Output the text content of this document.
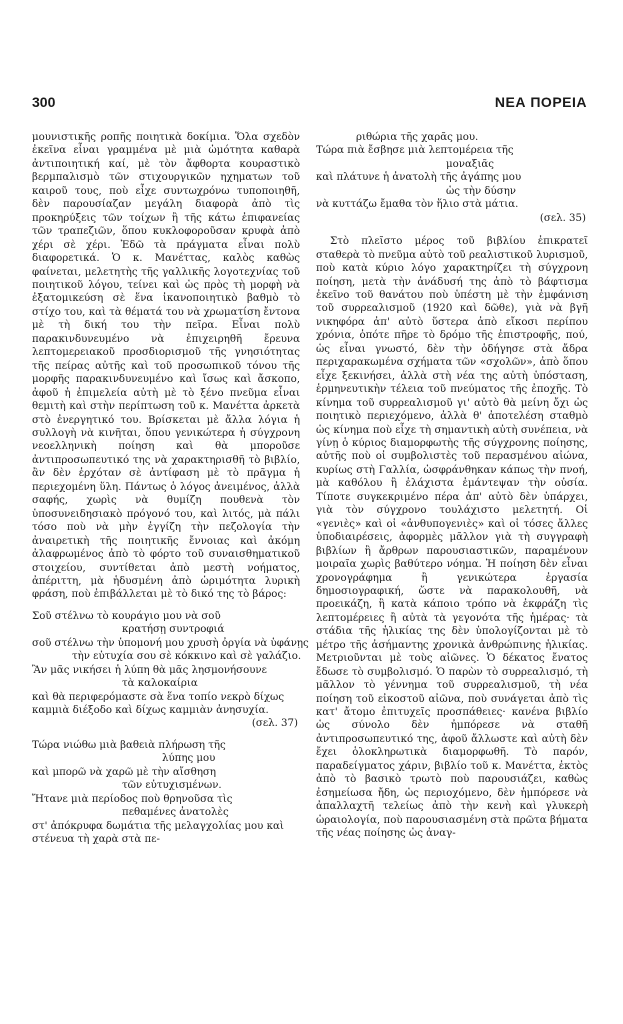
300	ΝΕΑ ΠΟΡΕΙΑ

μουνιστικῆς ροπῆς ποιητικὰ δοκίμια. Ὅλα σχεδὸν ἐκεῖνα εἶναι γραμμένα μὲ μιὰ ὠμότητα καθαρὰ ἀντιποιητική καί, μὲ τὸν ἄφθορτα κουραστικὸ βερμπαλισμὸ τῶν στιχουργικῶν ηχηματων τοῦ καιροῦ τους, ποὺ εἶχε συντωχρόνω τυποποιηθῆ, δὲν παρουσίαζαν μεγάλη διαφορὰ ἀπὸ τὶς προκηρύξεις τῶν τοίχων ἢ τῆς κάτω ἐπιφανείας τῶν τραπεζιῶν, ὅπου κυκλοφοροῦσαν κρυφὰ ἀπὸ χέρι σὲ χέρι. Ἐδῶ τὰ πράγματα εἶναι πολὺ διαφορετικά. Ὁ κ. Μανέττας, καλὸς καθὼς φαίνεται, μελετητὴς τῆς γαλλικῆς λογοτεχνίας τοῦ ποιητικοῦ λόγου, τείνει καὶ ὡς πρὸς τὴ μορφὴ νὰ ἐξατομικεύση σὲ ἕνα ἱκανοποιητικὸ βαθμὸ τὸ στίχο του, καὶ τὰ θέματά του νὰ χρωματίση ἔντονα μὲ τὴ δική του τὴν πεῖρα. Εἶναι πολὺ παρακινδυνευμένο νὰ ἐπιχειρηθῆ ἔρευνα λεπτομερειακοῦ προσδιορισμοῦ τῆς γνησιότητας τῆς πείρας αὐτῆς καὶ τοῦ προσωπικοῦ τόνου τῆς μορφῆς παρακινδυνευμένο καὶ ἴσως καὶ ἄσκοπο, ἀφοῦ ἡ ἐπιμελεία αὐτὴ μὲ τὸ ξένο πνεῦμα εἶναι θεμιτὴ καὶ στὴν περίπτωση τοῦ κ. Μανέττα ἀρκετὰ στὸ ἐνεργητικό του. Βρίσκεται μὲ ἄλλα λόγια ἡ συλλογὴ νὰ κινῆται, ὅπου γενικώτερα ἡ σύγχρονη νεοελληνικὴ ποίηση καὶ θὰ μποροῦσε ἀντιπροσωπευτικό της νὰ χαρακτηρισθῆ τὸ βιβλίο, ἂν δὲν ἐρχόταν σὲ ἀντίφαση μὲ τὸ πρᾶγμα ἡ περιεχομένη ὕλη. Πάντως ὁ λόγος ἀνειμένος, ἀλλὰ σαφής, χωρὶς νὰ θυμίζη πουθενὰ τὸν ὑποσυνειδησιακὸ πρόγονό του, καὶ λιτός, μὰ πάλι τόσο ποὺ νὰ μὴν ἐγγίζη τὴν πεζολογία τὴν ἀναιρετικὴ τῆς ποιητικῆς ἔννοιας καὶ ἀκόμη ἀλαφρωμένος ἀπὸ τὸ φόρτο τοῦ συναισθηματικοῦ στοιχείου, συντίθεται ἀπὸ μεστὴ νοήματος, ἀπέριττη, μὰ ἡδυσμένη ἀπὸ ὡριμότητα λυρικὴ φράση, ποὺ ἐπιβάλλεται μὲ τὸ δικό της τὸ βάρος:

Σοῦ στέλνω τὸ κουράγιο μου νὰ σοῦ
κρατήσῃ συντροφιά
σοῦ στέλνω τὴν ὑπομονή μου χρυσὴ ὀργία νὰ ὑφάνῃς
τὴν εὐτυχία σου σὲ κόκκινο καὶ σὲ γαλάζιο.
Ἂν μᾶς νικήσει ἡ λύπη θὰ μᾶς λησμονήσουνε
τὰ καλοκαίρια
καὶ θὰ περιφερόμαστε σὰ ἕνα τοπίο νεκρὸ δίχως
καμμιὰ διέξοδο καὶ δίχως καμμιὰν ἀνησυχία.
(σελ. 37)
Τώρα νιώθω μιὰ βαθειὰ πλήρωση τῆς
λύπης μου
καὶ μπορῶ νὰ χαρῶ μὲ τὴν αἴσθηση
τῶν εὐτυχισμένων.
Ἤτανε μιὰ περίοδος ποὺ θρηνοῦσα τὶς
πεθαμένες ἀνατολὲς
στ' ἀπόκρυφα δωμάτια τῆς μελαγχολίας μου καὶ
στένευα τὴ χαρὰ στὰ πε-
ριθώρια τῆς χαρᾶς μου.
Τώρα πιὰ ἔσβησε μιὰ λεπτομέρεια τῆς
μοναξιᾶς
καὶ πλάτυνε ἡ ἀνατολὴ τῆς ἀγάπης μου
ὡς τὴν δύσην
νὰ κυττάζω ἔμαθα τὸν ἥλιο στὰ μάτια.
(σελ. 35)

Στὸ πλεῖστο μέρος τοῦ βιβλίου ἐπικρατεῖ σταθερὰ τὸ πνεῦμα αὐτὸ τοῦ ρεαλιστικοῦ λυρισμοῦ, ποὺ κατὰ κύριο λόγο χαρακτηρίζει τὴ σύγχρονη ποίηση, μετὰ τὴν ἀνάδυσή της ἀπὸ τὸ βάφτισμα ἐκεῖνο τοῦ θανάτου ποὺ ὑπέστη μὲ τὴν ἐμφάνιση τοῦ συρρεαλισμοῦ (1920 καὶ δῶθε), γιὰ νὰ βγῆ νικηφόρα ἀπ' αὐτὸ ὕστερα ἀπὸ εἴκοσι περίπου χρόνια, ὁπότε πῆρε τὸ δρόμο τῆς ἐπιστροφῆς, πού, ὡς εἶναι γνωστό, δὲν τὴν ὁδήγησε στὰ ἄδρα περιχαρακωμένα σχήματα τῶν «σχολῶν», ἀπὸ ὅπου εἶχε ξεκινήσει, ἀλλὰ στὴ νέα της αὐτὴ ὑπόσταση, ἑρμηνευτικὴν τέλεια τοῦ πνεύματος τῆς ἐποχῆς. Τὸ κίνημα τοῦ συρρεαλισμοῦ γι' αὐτὸ θὰ μείνη ὄχι ὡς ποιητικὸ περιεχόμενο, ἀλλὰ θ' ἀποτελέση σταθμὸ ὡς κίνημα ποὺ εἶχε τὴ σημαντικὴ αὐτὴ συνέπεια, νὰ γίνῃ ὁ κύριος διαμορφωτὴς τῆς σύγχρονης ποίησης, αὐτῆς ποὺ οἱ συμβολιστὲς τοῦ περασμένου αἰώνα, κυρίως στὴ Γαλλία, ὡσφράνθηκαν κάπως τὴν πνοή, μὰ καθόλου ἢ ἐλάχιστα ἐμάντεψαν τὴν οὐσία. Τίποτε συγκεκριμένο πέρα ἀπ' αὐτὸ δὲν ὑπάρχει, γιὰ τὸν σύγχρονο τουλάχιστο μελετητή. Οἱ «γενιὲς» καὶ οἱ «ἀνθυπογενιὲς» καὶ οἱ τόσες ἄλλες ὑποδιαιρέσεις, ἀφορμὲς μᾶλλον γιὰ τὴ συγγραφὴ βιβλίων ἢ ἄρθρων παρουσιαστικῶν, παραμένουν μοιραῖα χωρὶς βαθύτερο νόημα. Ἡ ποίηση δὲν εἶναι χρονογράφημα ἢ γενικώτερα ἐργασία δημοσιογραφική, ὥστε νὰ παρακολουθῆ, νὰ προεικάζη, ἢ κατὰ κάποιο τρόπο νὰ ἐκφράζη τὶς λεπτομέρειες ἢ αὐτὰ τὰ γεγονότα τῆς ἡμέρας· τὰ στάδια τῆς ἡλικίας της δὲν ὑπολογίζονται μὲ τὸ μέτρο τῆς ἀσήμαντης χρονικὰ ἀνθρώπινης ἡλικίας. Μετριοῦνται μὲ τοὺς αἰῶνες. Ὁ δέκατος ἔνατος ἔδωσε τὸ συμβολισμό. Ὁ παρὼν τὸ συρρεαλισμό, τὴ μᾶλλον τὸ γέννημα τοῦ συρρεαλισμοῦ, τὴ νέα ποίηση τοῦ εἰκοστοῦ αἰῶνα, ποὺ συνάγεται ἀπὸ τὶς κατ' ἄτομο ἐπιτυχεῖς προσπάθειες· κανένα βιβλίο ὡς σύνολο δὲν ἠμπόρεσε νὰ σταθῆ ἀντιπροσωπευτικό της, ἀφοῦ ἄλλωστε καὶ αὐτὴ δὲν ἔχει ὁλοκληρωτικὰ διαμορφωθῆ. Τὸ παρόν, παραδείγματος χάριν, βιβλίο τοῦ κ. Μανέττα, ἐκτὸς ἀπὸ τὸ βασικὸ τρωτὸ ποὺ παρουσιάζει, καθὼς ἐσημείωσα ἤδη, ὡς περιοχόμενο, δὲν ἠμπόρεσε νὰ ἀπαλλαχτῆ τελείως ἀπὸ τὴν κενὴ καὶ γλυκερὴ ὡραιολογία, ποὺ παρουσιασμένη στὰ πρῶτα βήματα τῆς νέας ποίησης ὡς ἀναγ-
